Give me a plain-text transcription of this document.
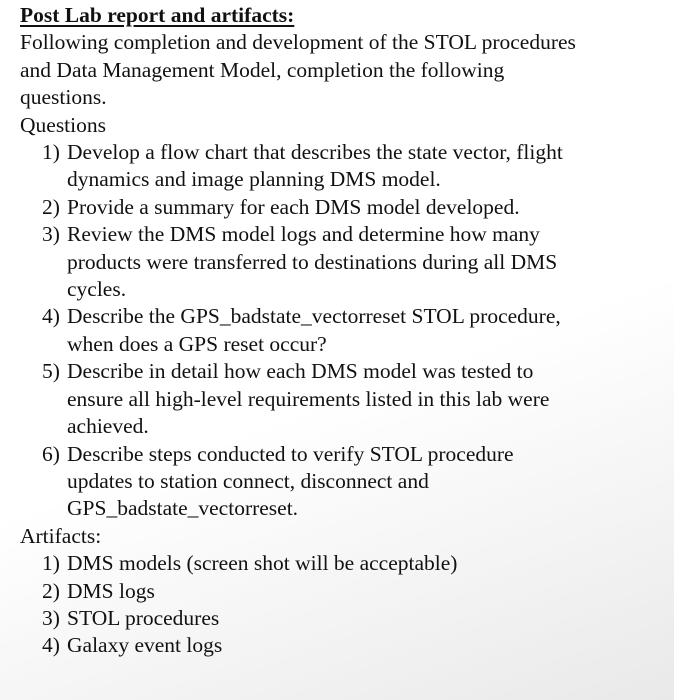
Post Lab report and artifacts:
Following completion and development of the STOL procedures
and Data Management Model, completion the following
questions.
Questions
1) Develop a flow chart that describes the state vector, flight
dynamics and image planning DMS model.
2) Provide a summary for each DMS model developed.
3) Review the DMS model logs and determine how many
products were transferred to destinations during all DMS
cycles.
4) Describe the GPS_badstate_vectorreset STOL procedure,
when does a GPS reset occur?
5) Describe in detail how each DMS model was tested to
ensure all high-level requirements listed in this lab were
achieved.
6) Describe steps conducted to verify STOL procedure
updates to station connect, disconnect and
GPS_badstate_vectorreset.
Artifacts:
1) DMS models (screen shot will be acceptable)
2) DMS logs
3) STOL procedures
4) Galaxy event logs
